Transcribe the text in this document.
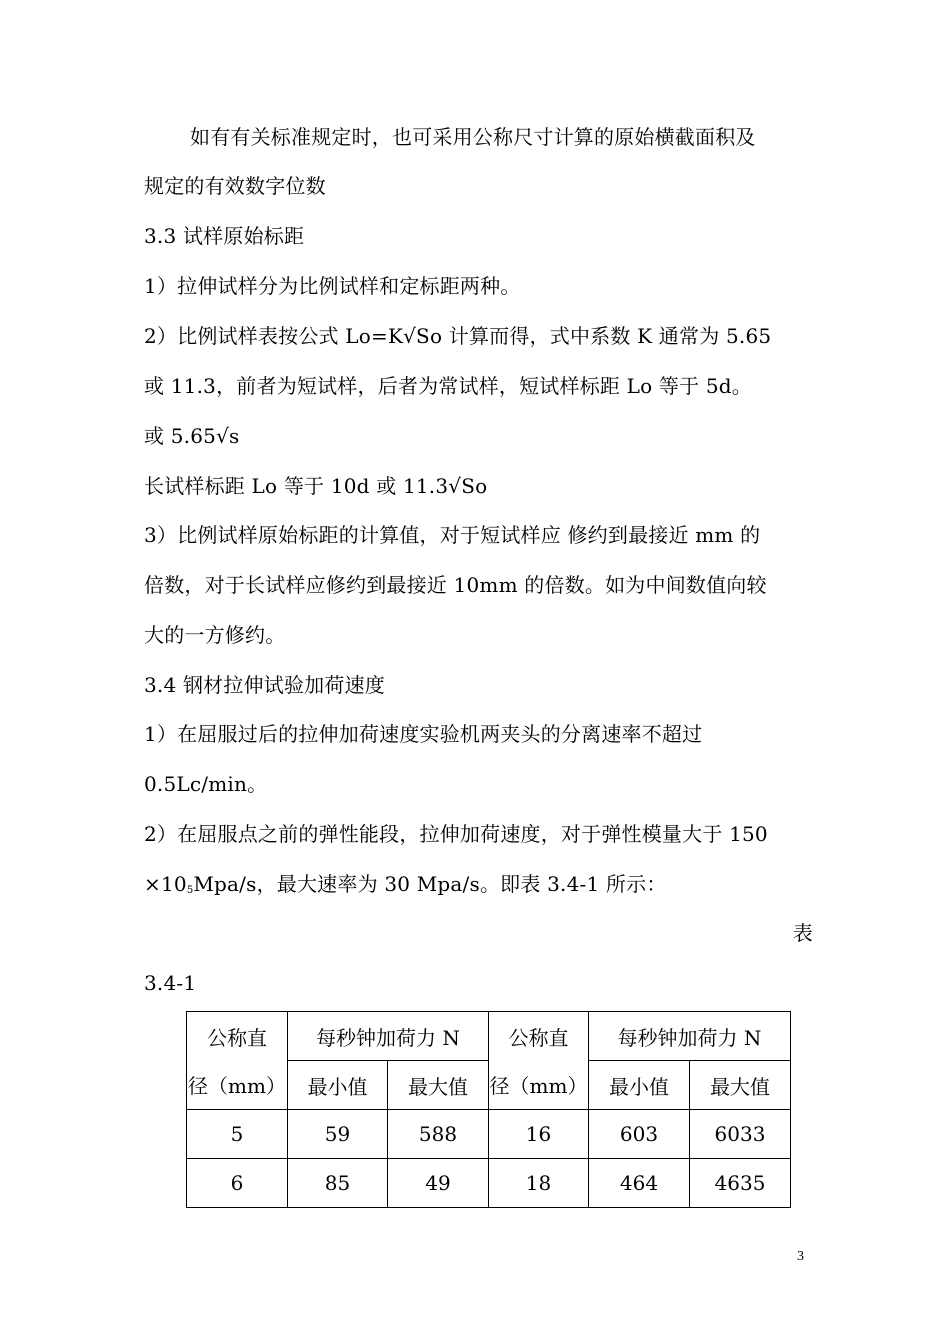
如有有关标准规定时，也可采用公称尺寸计算的原始横截面积及
规定的有效数字位数
3.3 试样原始标距
1）拉伸试样分为比例试样和定标距两种。
2）比例试样表按公式 Lo=K√So 计算而得，式中系数 K 通常为 5.65
或 11.3，前者为短试样，后者为常试样，短试样标距 Lo 等于 5d。
或 5.65√s
长试样标距 Lo 等于 10d 或 11.3√So
3）比例试样原始标距的计算值，对于短试样应 修约到最接近 mm 的
倍数，对于长试样应修约到最接近 10mm 的倍数。如为中间数值向较
大的一方修约。
3.4 钢材拉伸试验加荷速度
1）在屈服过后的拉伸加荷速度实验机两夹头的分离速率不超过
0.5Lc/min。
2）在屈服点之前的弹性能段，拉伸加荷速度，对于弹性模量大于 150
$\times 10_5Mpa/s$，最大速率为 30 Mpa/s。即表 3.4-1 所示：
表
3.4-1
公称直	每秒钟加荷力 N		公称直	每秒钟加荷力 N	
径（mm）	最小值	最大值	径（mm）	最小值	最大值
5	59	588	16	603	6033
6	85	49	18	464	4635
3
